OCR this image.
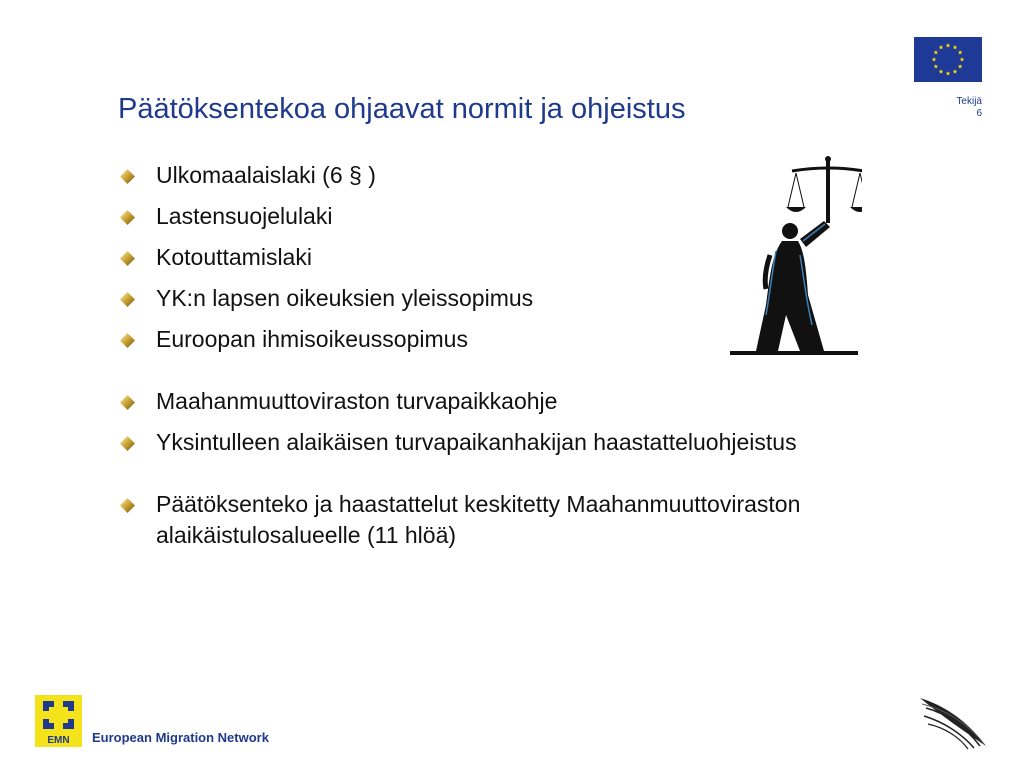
Tekijä
6
Päätöksentekoa ohjaavat normit ja ohjeistus
Ulkomaalaislaki (6 § )
Lastensuojelulaki
Kotouttamislaki
YK:n lapsen oikeuksien yleissopimus
Euroopan ihmisoikeussopimus
Maahanmuuttoviraston turvapaikkaohje
Yksintulleen alaikäisen turvapaikanhakijan haastatteluohjeistus
Päätöksenteko ja haastattelut keskitetty Maahanmuuttoviraston alaikäistulosalueelle (11 hlöä)
EMN European Migration Network
